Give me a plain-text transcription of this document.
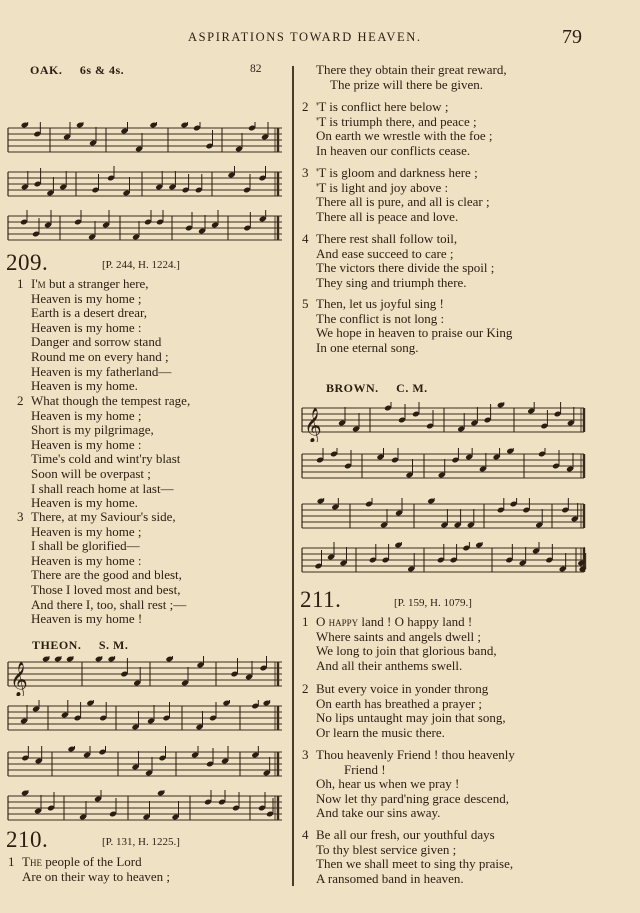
ASPIRATIONS TOWARD HEAVEN.	79
OAK. 6s & 4s.	82
209.	[P. 244, H. 1224.]
1 I'm but a stranger here,
Heaven is my home ;
Earth is a desert drear,
Heaven is my home :
Danger and sorrow stand
Round me on every hand ;
Heaven is my fatherland—
Heaven is my home.
2 What though the tempest rage,
Heaven is my home ;
Short is my pilgrimage,
Heaven is my home :
Time's cold and wint'ry blast
Soon will be overpast ;
I shall reach home at last—
Heaven is my home.
3 There, at my Saviour's side,
Heaven is my home ;
I shall be glorified—
Heaven is my home :
There are the good and blest,
Those I loved most and best,
And there I, too, shall rest ;—
Heaven is my home !
THEON. S. M.
𝄞
210.	[P. 131, H. 1225.]
1 The people of the Lord
Are on their way to heaven ;
There they obtain their great reward,
The prize will there be given.
2 'T is conflict here below ;
'T is triumph there, and peace ;
On earth we wrestle with the foe ;
In heaven our conflicts cease.
3 'T is gloom and darkness here ;
'T is light and joy above :
There all is pure, and all is clear ;
There all is peace and love.
4 There rest shall follow toil,
And ease succeed to care ;
The victors there divide the spoil ;
They sing and triumph there.
5 Then, let us joyful sing !
The conflict is not long :
We hope in heaven to praise our King
In one eternal song.
BROWN. C. M.
𝄞
211.	[P. 159, H. 1079.]
1 O happy land ! O happy land !
Where saints and angels dwell ;
We long to join that glorious band,
And all their anthems swell.
2 But every voice in yonder throng
On earth has breathed a prayer ;
No lips untaught may join that song,
Or learn the music there.
3 Thou heavenly Friend ! thou heavenly
Friend !
Oh, hear us when we pray !
Now let thy pard'ning grace descend,
And take our sins away.
4 Be all our fresh, our youthful days
To thy blest service given ;
Then we shall meet to sing thy praise,
A ransomed band in heaven.
